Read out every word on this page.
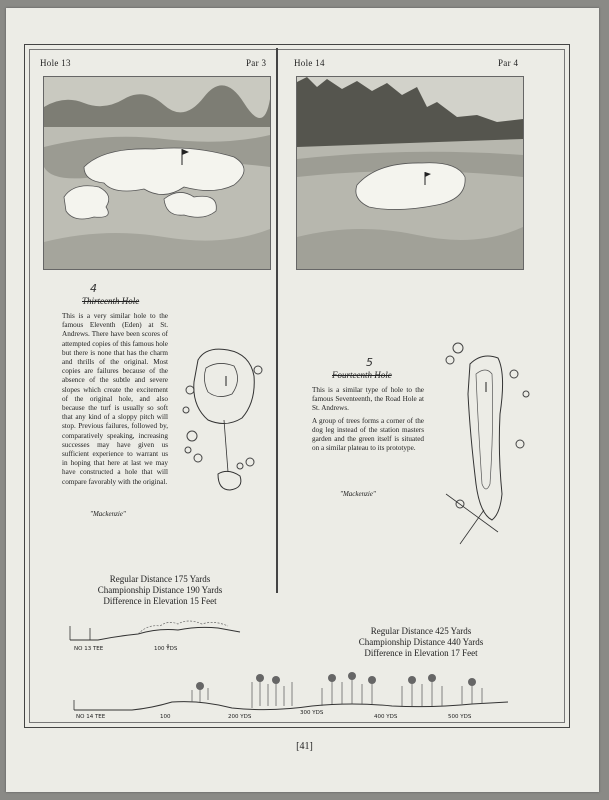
Hole 13	Par 3	Hole 14	Par 4
4
Thirteenth Hole
This is a very similar hole to the famous Eleventh (Eden) at St. Andrews. There have been scores of attempted copies of this famous hole but there is none that has the charm and thrills of the original. Most copies are failures because of the absence of the subtle and severe slopes which create the excitement of the original hole, and also because the turf is usually so soft that any kind of a sloppy pitch will stop. Previous failures, followed by, comparatively speaking, increasing successes may have given us sufficient experience to warrant us in hoping that here at last we may have constructed a hole that will compare favorably with the original.
"Mackenzie"
Regular Distance 175 Yards
Championship Distance 190 Yards
Difference in Elevation 15 Feet
NO 13 TEE	100 YDS
5
Fourteenth Hole
This is a similar type of hole to the famous Seventeenth, the Road Hole at St. Andrews.
A group of trees forms a corner of the dog leg instead of the station masters garden and the green itself is situated on a similar plateau to its prototype.
"Mackenzie"
Regular Distance 425 Yards
Championship Distance 440 Yards
Difference in Elevation 17 Feet
NO 14 TEE	100	200 YDS
300 YDS
400 YDS	500 YDS
[41]
